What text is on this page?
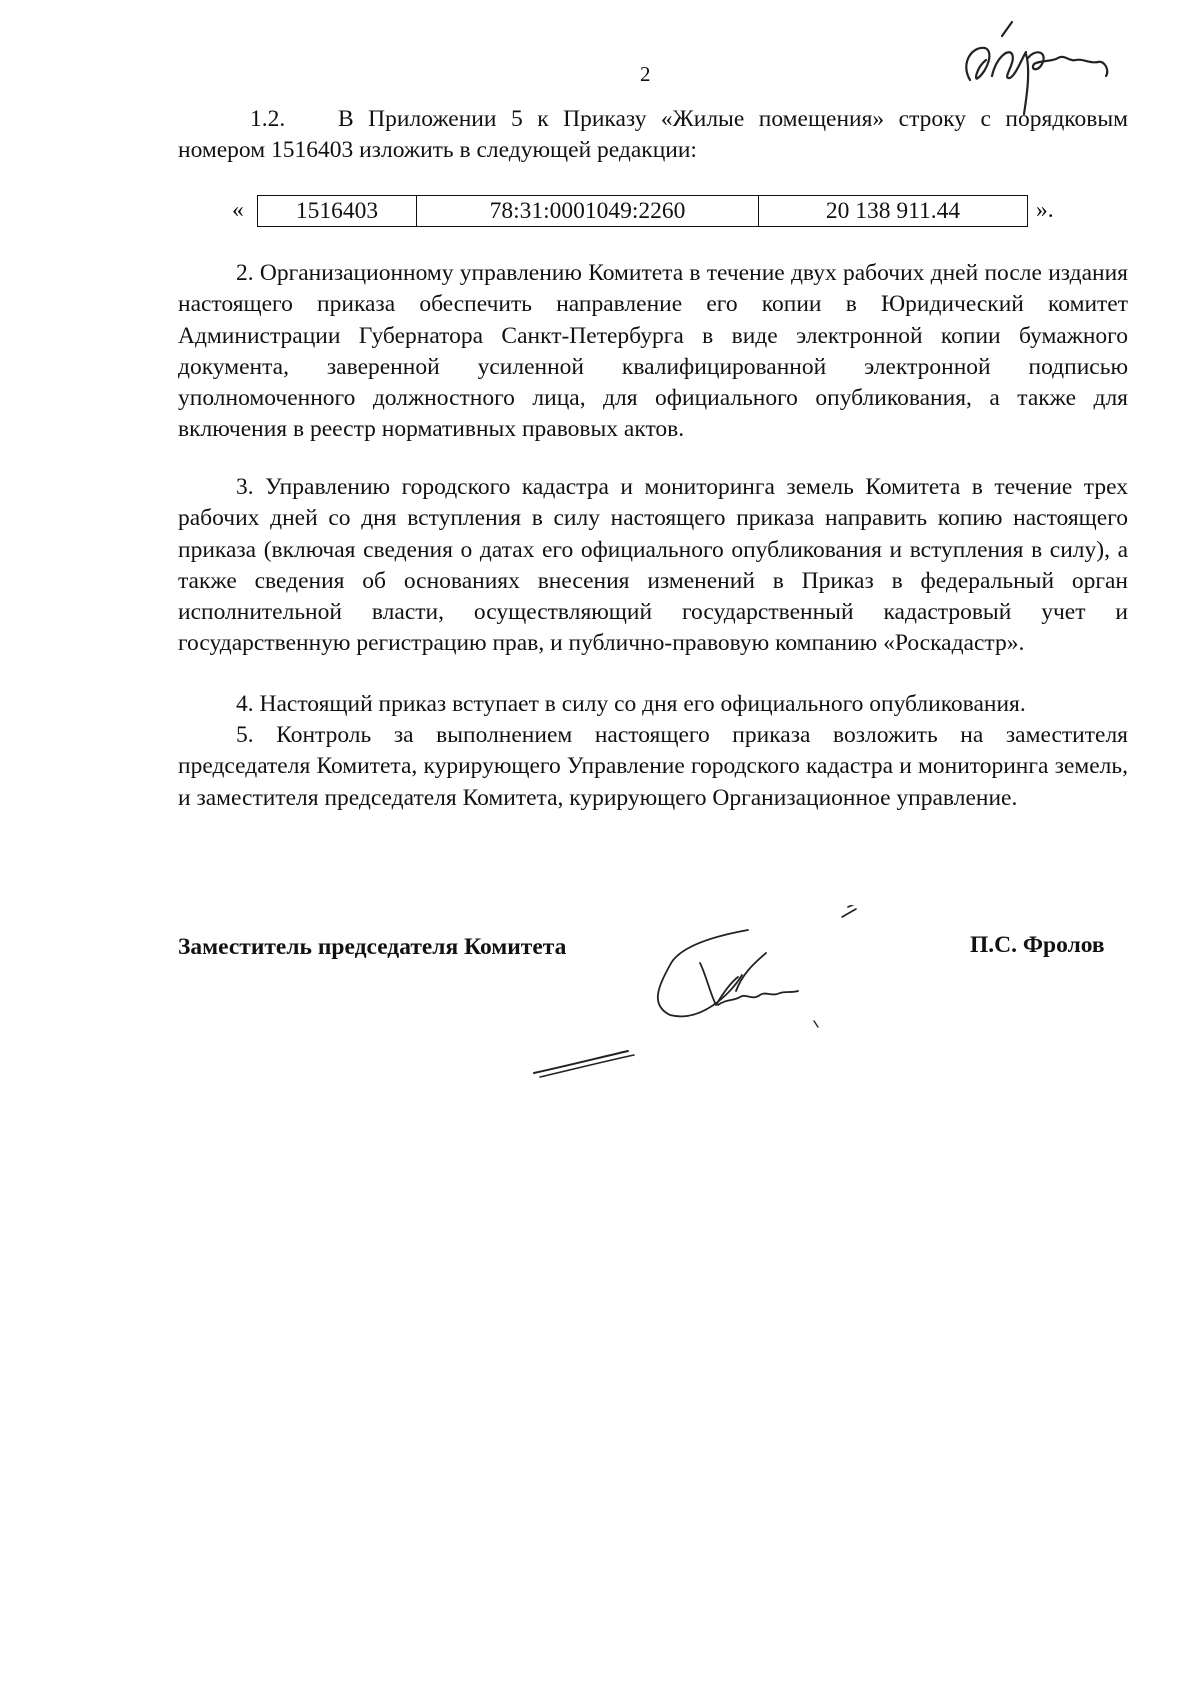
2

1.2. В Приложении 5 к Приказу «Жилые помещения» строку с порядковым номером 1516403 изложить в следующей редакции:

« 1516403	78:31:0001049:2260	20 138 911.44	».

2. Организационному управлению Комитета в течение двух рабочих дней после издания настоящего приказа обеспечить направление его копии в Юридический комитет Администрации Губернатора Санкт-Петербурга в виде электронной копии бумажного документа, заверенной усиленной квалифицированной электронной подписью уполномоченного должностного лица, для официального опубликования, а также для включения в реестр нормативных правовых актов.

3. Управлению городского кадастра и мониторинга земель Комитета в течение трех рабочих дней со дня вступления в силу настоящего приказа направить копию настоящего приказа (включая сведения о датах его официального опубликования и вступления в силу), а также сведения об основаниях внесения изменений в Приказ в федеральный орган исполнительной власти, осуществляющий государственный кадастровый учет и государственную регистрацию прав, и публично-правовую компанию «Роскадастр».

4. Настоящий приказ вступает в силу со дня его официального опубликования.

5. Контроль за выполнением настоящего приказа возложить на заместителя председателя Комитета, курирующего Управление городского кадастра и мониторинга земель, и заместителя председателя Комитета, курирующего Организационное управление.

Заместитель председателя Комитета	П.С. Фролов
